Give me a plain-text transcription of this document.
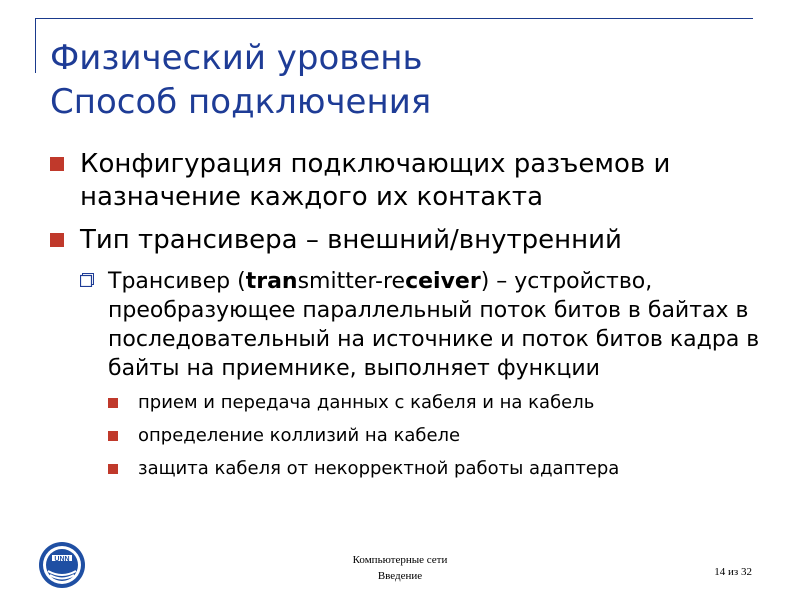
Физический уровень
Способ подключения
Конфигурация подключающих разъемов и назначение каждого их контакта
Тип трансивера – внешний/внутренний
Трансивер (transmitter-receiver) – устройство, преобразующее параллельный поток битов в байтах в последовательный на источнике и поток битов кадра в байты на приемнике, выполняет функции
прием и передача данных с кабеля и на кабель
определение коллизий на кабеле
защита кабеля от некорректной работы адаптера
UNN	Компьютерные сети
Введение	14 из 32
